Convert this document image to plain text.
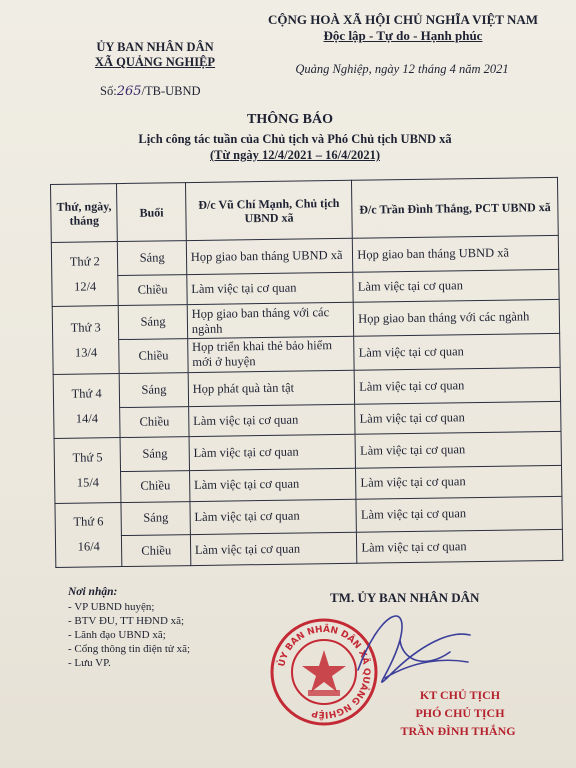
ỦY BAN NHÂN DÂN
XÃ QUẢNG NGHIỆP
Số:265/TB-UBND
CỘNG HOÀ XÃ HỘI CHỦ NGHĨA VIỆT NAM
Độc lập - Tự do - Hạnh phúc
Quảng Nghiệp, ngày 12 tháng 4 năm 2021
THÔNG BÁO
Lịch công tác tuần của Chủ tịch và Phó Chủ tịch UBND xã
(Từ ngày 12/4/2021 – 16/4/2021)
Thứ, ngày, tháng	Buổi	Đ/c Vũ Chí Mạnh, Chủ tịch UBND xã	Đ/c Trần Đình Thắng, PCT UBND xã

Thứ 2
12/4	Sáng	Họp giao ban tháng UBND xã	Họp giao ban tháng UBND xã
	Chiều	Làm việc tại cơ quan	Làm việc tại cơ quan

Thứ 3
13/4	Sáng	Họp giao ban tháng với các ngành	Họp giao ban tháng với các ngành
	Chiều	Họp triển khai thẻ bảo hiểm mới ở huyện	Làm việc tại cơ quan

Thứ 4
14/4	Sáng	Họp phát quà tàn tật	Làm việc tại cơ quan
	Chiều	Làm việc tại cơ quan	Làm việc tại cơ quan

Thứ 5
15/4	Sáng	Làm việc tại cơ quan	Làm việc tại cơ quan
	Chiều	Làm việc tại cơ quan	Làm việc tại cơ quan

Thứ 6
16/4	Sáng	Làm việc tại cơ quan	Làm việc tại cơ quan
	Chiều	Làm việc tại cơ quan	Làm việc tại cơ quan
Nơi nhận:
- VP UBND huyện;
- BTV ĐU, TT HĐND xã;
- Lãnh đạo UBND xã;
- Cổng thông tin điện tử xã;
- Lưu VP.
TM. ỦY BAN NHÂN DÂN
ỦY BAN NHÂN DÂN XÃ QUẢNG NGHIỆP
KT CHỦ TỊCH
PHÓ CHỦ TỊCH
TRẦN ĐÌNH THẮNG
